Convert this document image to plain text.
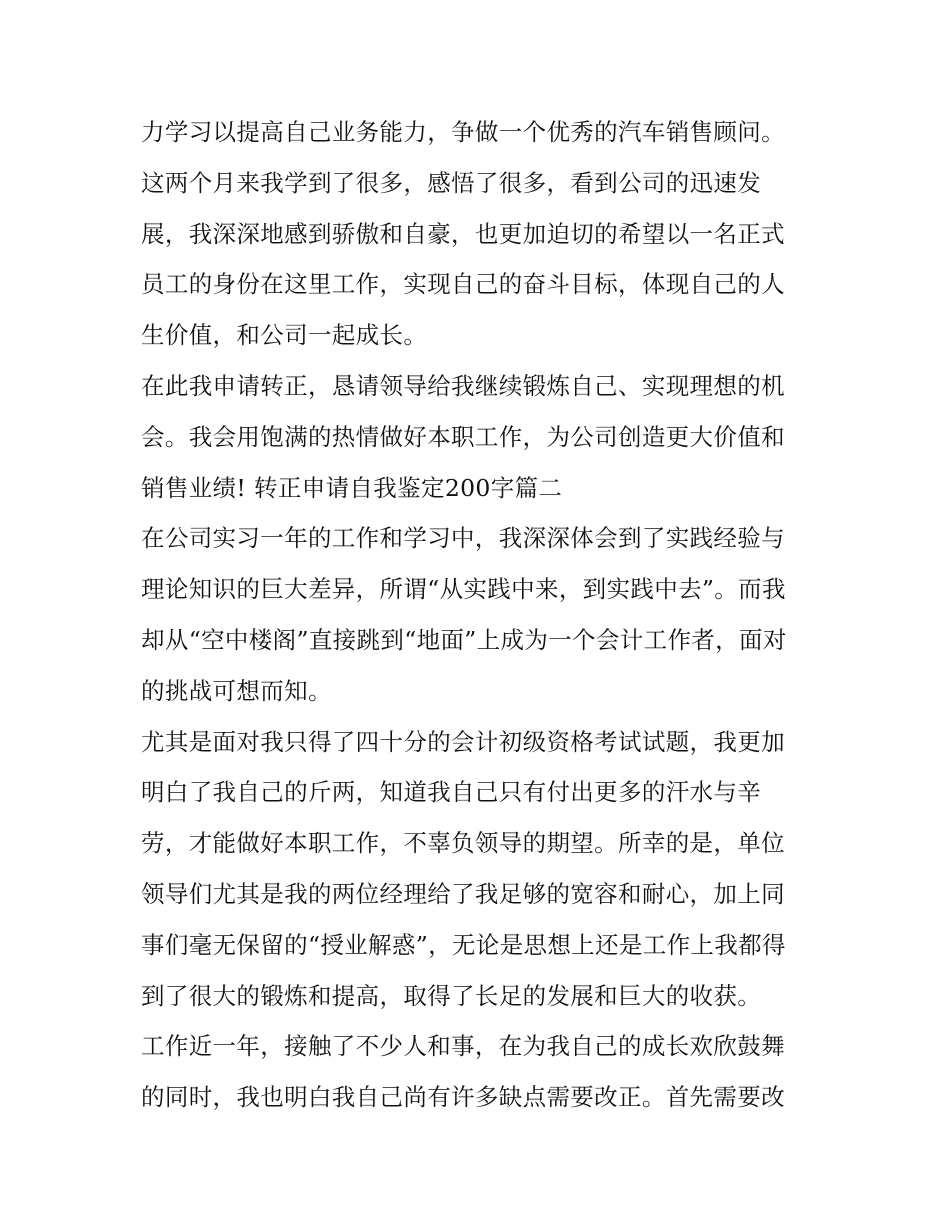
力学习以提高自己业务能力，争做一个优秀的汽车销售顾问。
这两个月来我学到了很多，感悟了很多，看到公司的迅速发
展，我深深地感到骄傲和自豪，也更加迫切的希望以一名正式
员工的身份在这里工作，实现自己的奋斗目标，体现自己的人
生价值，和公司一起成长。
在此我申请转正，恳请领导给我继续锻炼自己、实现理想的机
会。我会用饱满的热情做好本职工作，为公司创造更大价值和
销售业绩! 转正申请自我鉴定200字篇二
在公司实习一年的工作和学习中，我深深体会到了实践经验与
理论知识的巨大差异，所谓“从实践中来，到实践中去”。而我
却从“空中楼阁”直接跳到“地面”上成为一个会计工作者，面对
的挑战可想而知。
尤其是面对我只得了四十分的会计初级资格考试试题，我更加
明白了我自己的斤两，知道我自己只有付出更多的汗水与辛
劳，才能做好本职工作，不辜负领导的期望。所幸的是，单位
领导们尤其是我的两位经理给了我足够的宽容和耐心，加上同
事们毫无保留的“授业解惑”，无论是思想上还是工作上我都得
到了很大的锻炼和提高，取得了长足的发展和巨大的收获。
工作近一年，接触了不少人和事，在为我自己的成长欢欣鼓舞
的同时，我也明白我自己尚有许多缺点需要改正。首先需要改
